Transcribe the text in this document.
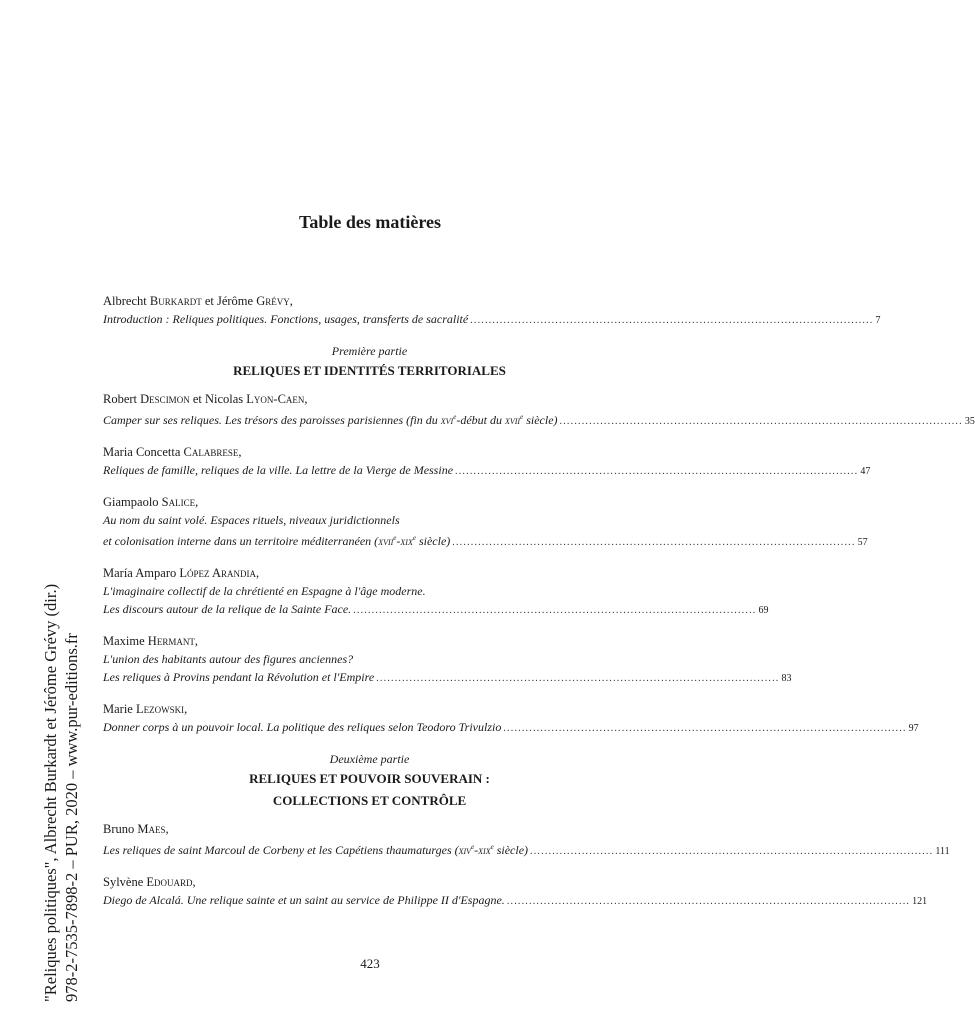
Table des matières
Albrecht Burkardt et Jérôme Grévy,
Introduction : Reliques politiques. Fonctions, usages, transferts de sacralité ............................................................................................................. 7
Première partie
RELIQUES ET IDENTITÉS TERRITORIALES
Robert Descimon et Nicolas Lyon-Caen,
Camper sur ses reliques. Les trésors des paroisses parisiennes (fin du xvi$^e$-début du xvii$^e$ siècle) ............................................................................................................. 35
Maria Concetta Calabrese,
Reliques de famille, reliques de la ville. La lettre de la Vierge de Messine ............................................................................................................. 47
Giampaolo Salice,
Au nom du saint volé. Espaces rituels, niveaux juridictionnels
et colonisation interne dans un territoire méditerranéen (xvii$^e$-xix$^e$ siècle) ............................................................................................................. 57
María Amparo López Arandia,
L'imaginaire collectif de la chrétienté en Espagne à l'âge moderne.
Les discours autour de la relique de la Sainte Face. ............................................................................................................. 69
Maxime Hermant,
L'union des habitants autour des figures anciennes?
Les reliques à Provins pendant la Révolution et l'Empire ............................................................................................................. 83
Marie Lezowski,
Donner corps à un pouvoir local. La politique des reliques selon Teodoro Trivulzio ............................................................................................................. 97
Deuxième partie
RELIQUES ET POUVOIR SOUVERAIN :
COLLECTIONS ET CONTRÔLE
Bruno Maes,
Les reliques de saint Marcoul de Corbeny et les Capétiens thaumaturges (xiv$^e$-xix$^e$ siècle) ............................................................................................................. 111
Sylvène Edouard,
Diego de Alcalá. Une relique sainte et un saint au service de Philippe II d'Espagne. ............................................................................................................. 121
"Reliques politiques", Albrecht Burkardt et Jérôme Grévy (dir.) 978-2-7535-7898-2 – PUR, 2020 – www.pur-editions.fr	423
